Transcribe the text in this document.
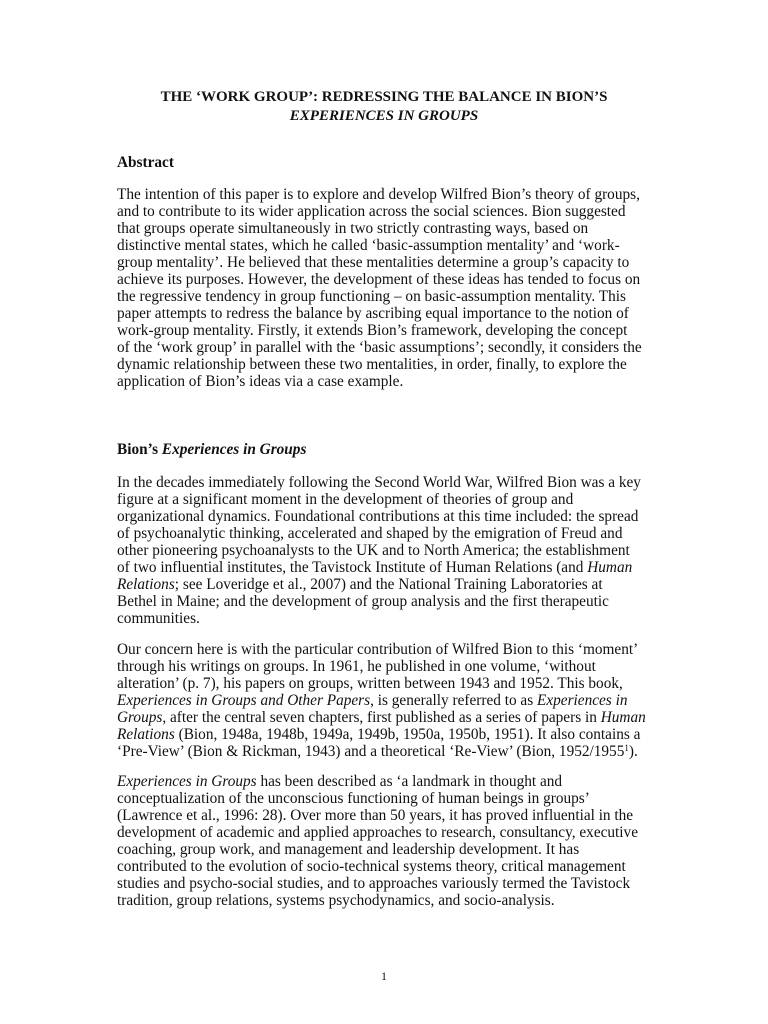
THE ‘WORK GROUP’: REDRESSING THE BALANCE IN BION’S
EXPERIENCES IN GROUPS
Abstract
The intention of this paper is to explore and develop Wilfred Bion’s theory of groups,
and to contribute to its wider application across the social sciences. Bion suggested
that groups operate simultaneously in two strictly contrasting ways, based on
distinctive mental states, which he called ‘basic-assumption mentality’ and ‘work-
group mentality’. He believed that these mentalities determine a group’s capacity to
achieve its purposes. However, the development of these ideas has tended to focus on
the regressive tendency in group functioning – on basic-assumption mentality. This
paper attempts to redress the balance by ascribing equal importance to the notion of
work-group mentality. Firstly, it extends Bion’s framework, developing the concept
of the ‘work group’ in parallel with the ‘basic assumptions’; secondly, it considers the
dynamic relationship between these two mentalities, in order, finally, to explore the
application of Bion’s ideas via a case example.
Bion’s Experiences in Groups
In the decades immediately following the Second World War, Wilfred Bion was a key
figure at a significant moment in the development of theories of group and
organizational dynamics. Foundational contributions at this time included: the spread
of psychoanalytic thinking, accelerated and shaped by the emigration of Freud and
other pioneering psychoanalysts to the UK and to North America; the establishment
of two influential institutes, the Tavistock Institute of Human Relations (and Human
Relations; see Loveridge et al., 2007) and the National Training Laboratories at
Bethel in Maine; and the development of group analysis and the first therapeutic
communities.
Our concern here is with the particular contribution of Wilfred Bion to this ‘moment’
through his writings on groups. In 1961, he published in one volume, ‘without
alteration’ (p. 7), his papers on groups, written between 1943 and 1952. This book,
Experiences in Groups and Other Papers, is generally referred to as Experiences in
Groups, after the central seven chapters, first published as a series of papers in Human
Relations (Bion, 1948a, 1948b, 1949a, 1949b, 1950a, 1950b, 1951). It also contains a
‘Pre-View’ (Bion & Rickman, 1943) and a theoretical ‘Re-View’ (Bion, 1952/1955$^1$).
Experiences in Groups has been described as ‘a landmark in thought and
conceptualization of the unconscious functioning of human beings in groups’
(Lawrence et al., 1996: 28). Over more than 50 years, it has proved influential in the
development of academic and applied approaches to research, consultancy, executive
coaching, group work, and management and leadership development. It has
contributed to the evolution of socio-technical systems theory, critical management
studies and psycho-social studies, and to approaches variously termed the Tavistock
tradition, group relations, systems psychodynamics, and socio-analysis.
1
